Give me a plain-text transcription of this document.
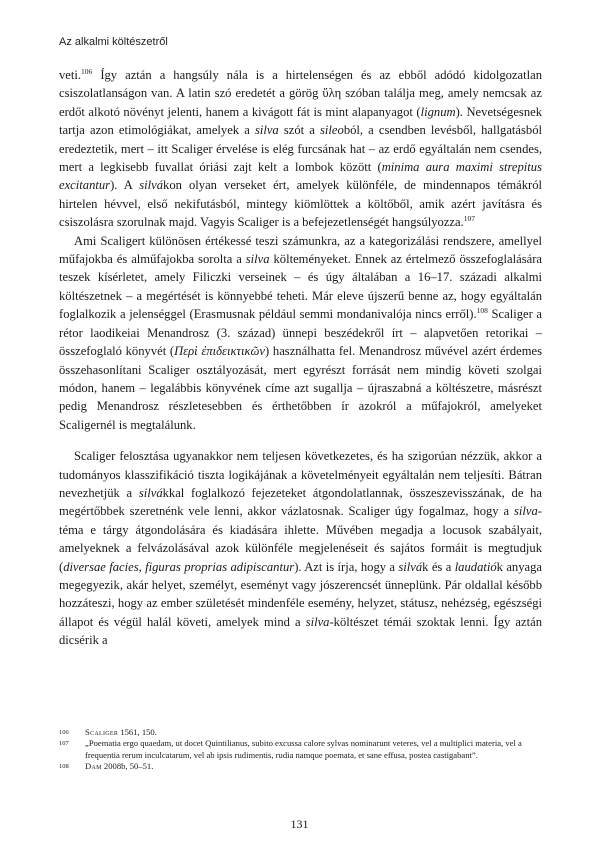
Az alkalmi költészetről

veti.$^{106}$ Így aztán a hangsúly nála is a hirtelenségen és az ebből adódó kidolgozatlan csiszolatlanságon van. A latin szó eredetét a görög ὕλη szóban találja meg, amely nemcsak az erdőt alkotó növényt jelenti, hanem a kivágott fát is mint alapanyagot (lignum). Nevetségesnek tartja azon etimológiákat, amelyek a silva szót a sileoból, a csendben levésből, hallgatásból eredeztetik, mert – itt Scaliger érvelése is elég furcsának hat – az erdő egyáltalán nem csendes, mert a legkisebb fuvallat óriási zajt kelt a lombok között (minima aura maximi strepitus excitantur). A silvákon olyan verseket ért, amelyek különféle, de mindennapos témákról hirtelen hévvel, első nekifutásból, mintegy kiömlöttek a költőből, amik azért javításra és csiszolásra szorulnak majd. Vagyis Scaliger is a befejezetlenségét hangsúlyozza.$^{107}$

Ami Scaligert különösen értékessé teszi számunkra, az a kategorizálási rendszere, amellyel műfajokba és alműfajokba sorolta a silva költeményeket. Ennek az értelmező összefoglalására teszek kísérletet, amely Filiczki verseinek – és úgy általában a 16–17. századi alkalmi költészetnek – a megértését is könnyebbé teheti. Már eleve újszerű benne az, hogy egyáltalán foglalkozik a jelenséggel (Erasmusnak például semmi mondanivalója nincs erről).$^{108}$ Scaliger a rétor laodikeiai Menandrosz (3. század) ünnepi beszédekről írt – alapvetően retorikai – összefoglaló könyvét (Περὶ ἐπιδεικτικῶν) használhatta fel. Menandrosz művével azért érdemes összehasonlítani Scaliger osztályozását, mert egyrészt forrását nem mindig követi szolgai módon, hanem – legalábbis könyvének címe azt sugallja – újraszabná a költészetre, másrészt pedig Menandrosz részletesebben és érthetőbben ír azokról a műfajokról, amelyeket Scaligernél is megtalálunk.

Scaliger felosztása ugyanakkor nem teljesen következetes, és ha szigorúan nézzük, akkor a tudományos klasszifikáció tiszta logikájának a követelményeit egyáltalán nem teljesíti. Bátran nevezhetjük a silvákkal foglalkozó fejezeteket átgondolatlannak, összeszevisszának, de ha megértőbbek szeretnénk vele lenni, akkor vázlatosnak. Scaliger úgy fogalmaz, hogy a silva-téma e tárgy átgondolására és kiadására ihlette. Művében megadja a locusok szabályait, amelyeknek a felvázolásával azok különféle megjelenéseit és sajátos formáit is megtudjuk (diversae facies, figuras proprias adipiscantur). Azt is írja, hogy a silvák és a laudatiók anyaga megegyezik, akár helyet, személyt, eseményt vagy jószerencsét ünneplünk. Pár oldallal később hozzáteszi, hogy az ember születését mindenféle esemény, helyzet, státusz, nehézség, egészségi állapot és végül halál követi, amelyek mind a silva-költészet témái szoktak lenni. Így aztán dicsérik a

106 Scaliger 1561, 150.
107 „Poematia ergo quaedam, ut docet Quintilianus, subito excussa calore sylvas nominarunt veteres, vel a multiplici materia, vel a frequentia rerum inculcatarum, vel ab ipsis rudimentis, rudia namque poemata, et sane effusa, postea castigabant”.
108 Dam 2008b, 50–51.
131
